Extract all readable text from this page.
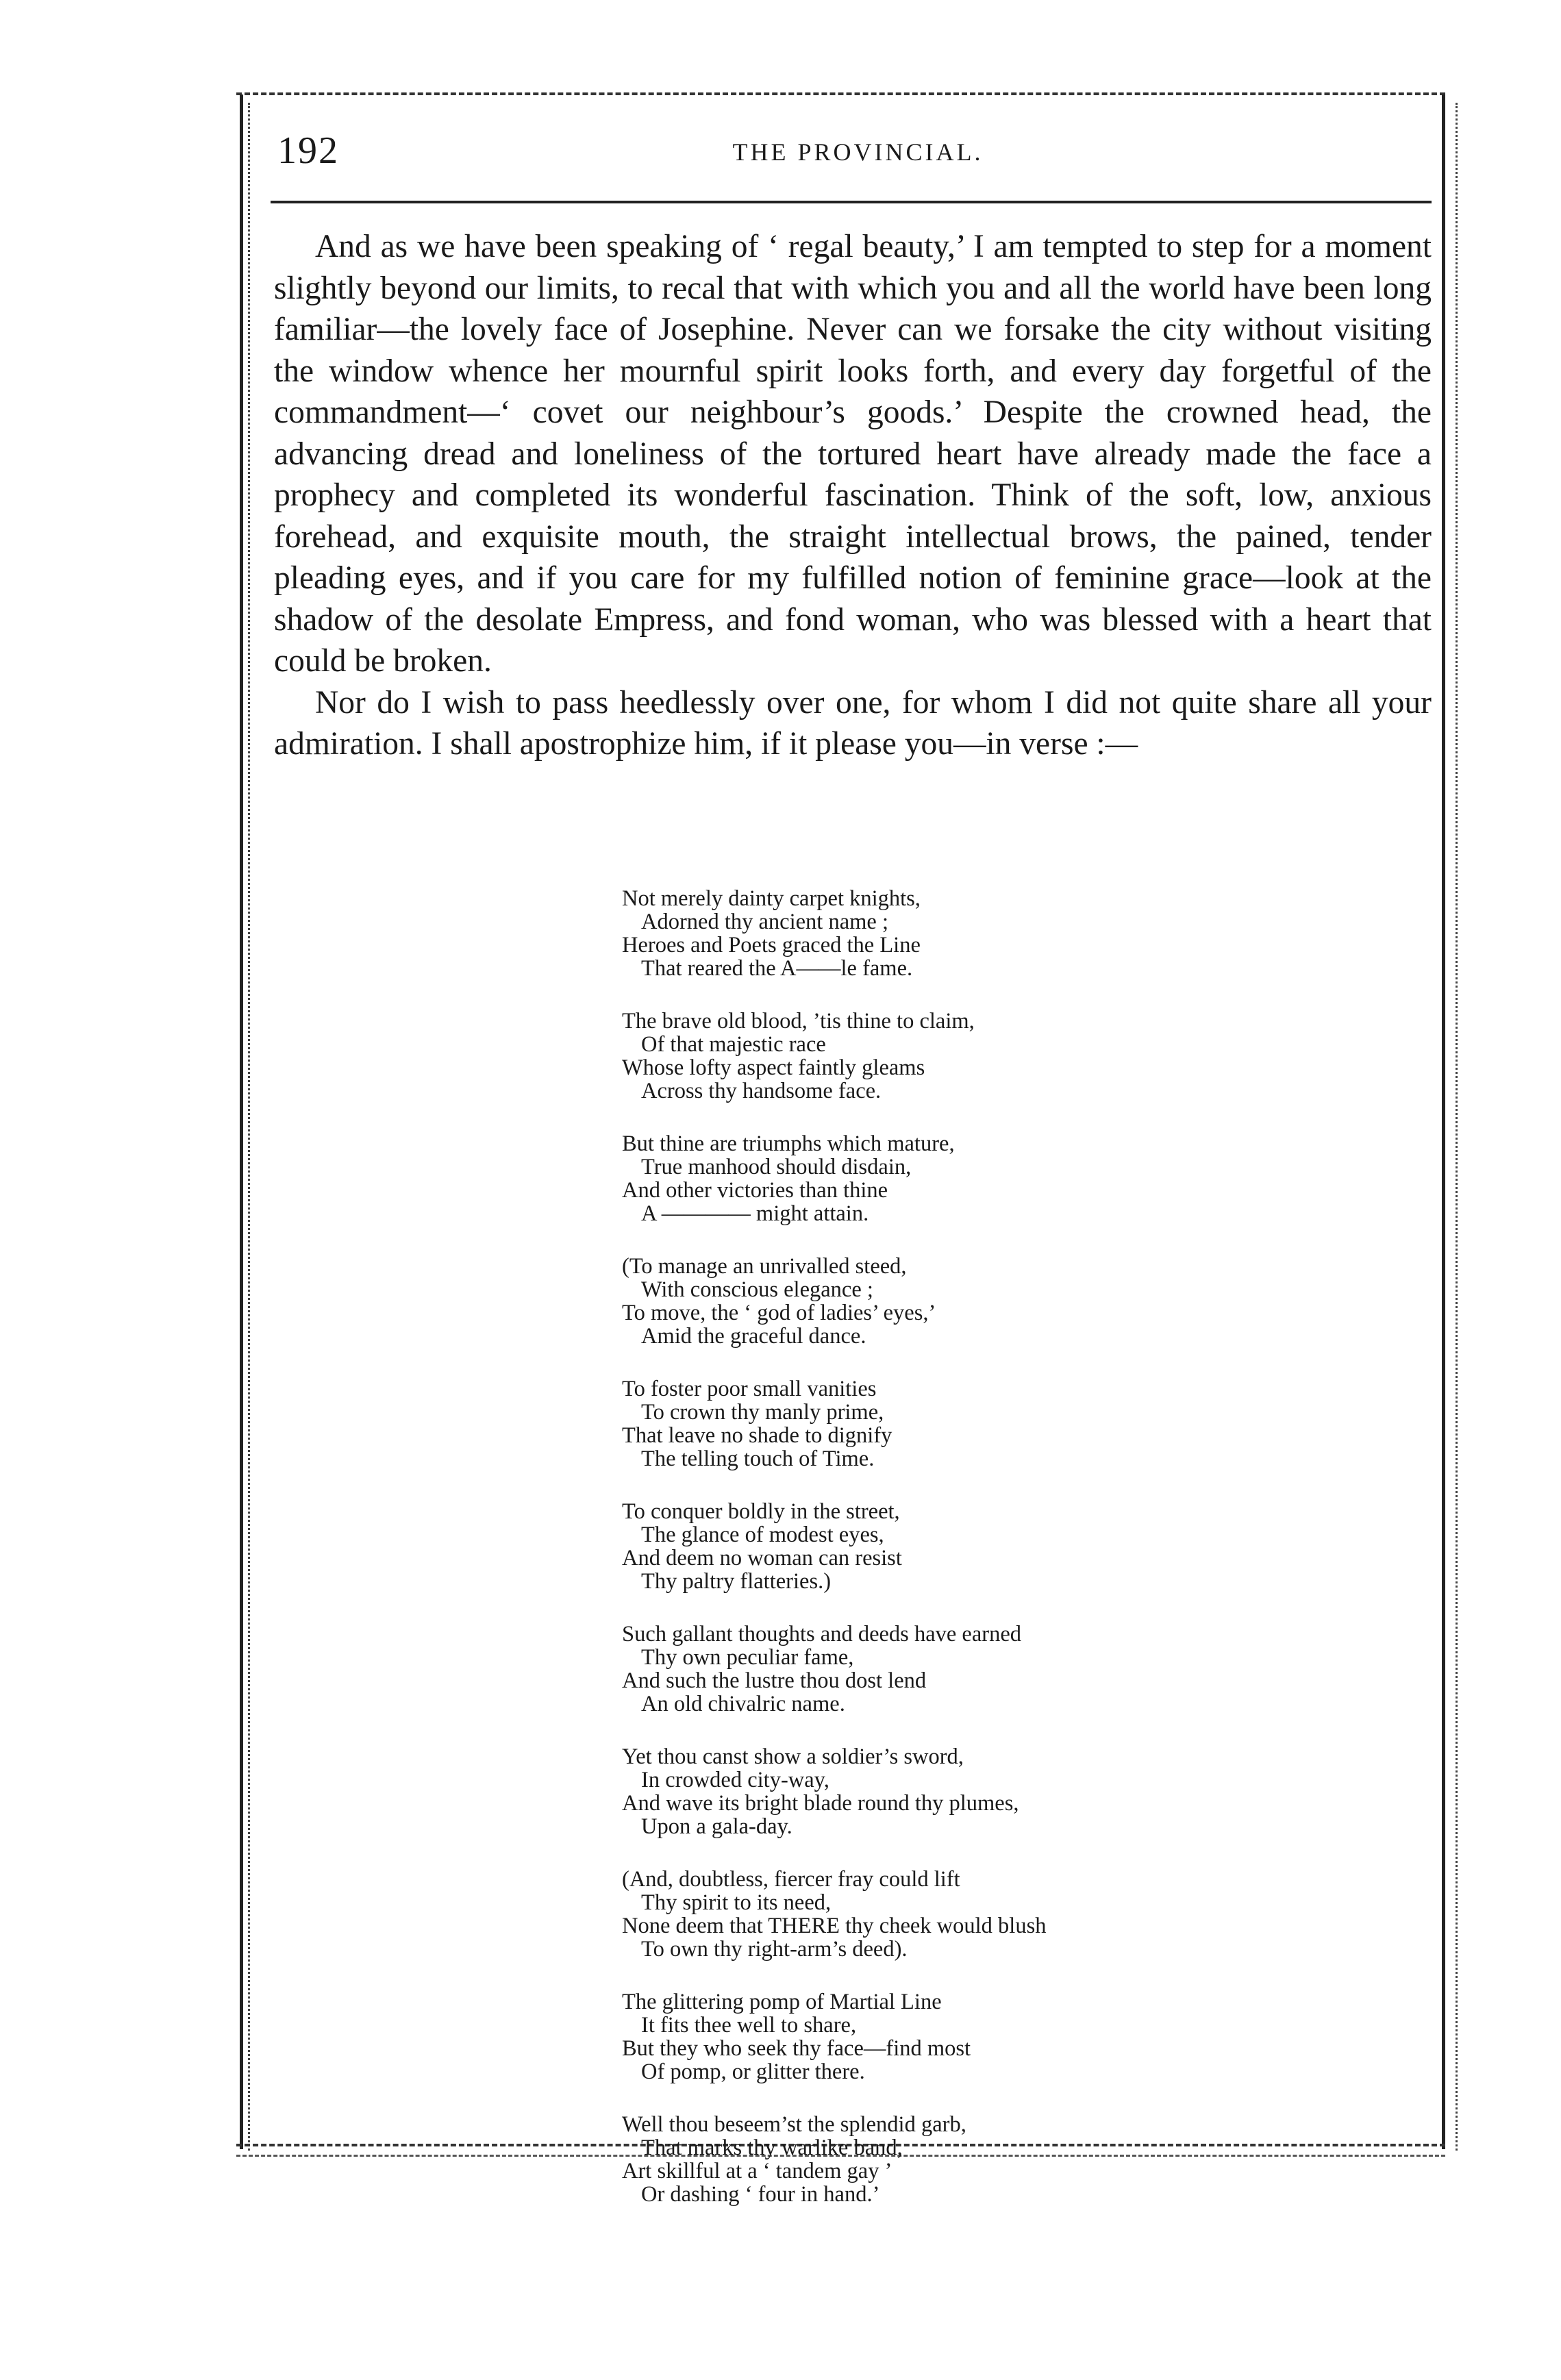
192	THE PROVINCIAL.

And as we have been speaking of ‘ regal beauty,’ I am tempted to step for a moment slightly beyond our limits, to recal that with which you and all the world have been long familiar—the lovely face of Josephine. Never can we forsake the city without visiting the window whence her mournful spirit looks forth, and every day forgetful of the commandment—‘ covet our neighbour’s goods.’ Despite the crowned head, the advancing dread and loneliness of the tortured heart have already made the face a prophecy and completed its wonderful fascination. Think of the soft, low, anxious forehead, and exquisite mouth, the straight intellectual brows, the pained, tender pleading eyes, and if you care for my fulfilled notion of feminine grace—look at the shadow of the desolate Empress, and fond woman, who was blessed with a heart that could be broken.

Nor do I wish to pass heedlessly over one, for whom I did not quite share all your admiration. I shall apostrophize him, if it please you—in verse :—

Not merely dainty carpet knights,
Adorned thy ancient name ;
Heroes and Poets graced the Line
That reared the A——le fame.
The brave old blood, ’tis thine to claim,
Of that majestic race
Whose lofty aspect faintly gleams
Across thy handsome face.
But thine are triumphs which mature,
True manhood should disdain,
And other victories than thine
A ———— might attain.
(To manage an unrivalled steed,
With conscious elegance ;
To move, the ‘ god of ladies’ eyes,’
Amid the graceful dance.
To foster poor small vanities
To crown thy manly prime,
That leave no shade to dignify
The telling touch of Time.
To conquer boldly in the street,
The glance of modest eyes,
And deem no woman can resist
Thy paltry flatteries.)
Such gallant thoughts and deeds have earned
Thy own peculiar fame,
And such the lustre thou dost lend
An old chivalric name.
Yet thou canst show a soldier’s sword,
In crowded city-way,
And wave its bright blade round thy plumes,
Upon a gala-day.
(And, doubtless, fiercer fray could lift
Thy spirit to its need,
None deem that THERE thy cheek would blush
To own thy right-arm’s deed).
The glittering pomp of Martial Line
It fits thee well to share,
But they who seek thy face—find most
Of pomp, or glitter there.
Well thou beseem’st the splendid garb,
That marks thy warlike band,
Art skillful at a ‘ tandem gay ’
Or dashing ‘ four in hand.’
